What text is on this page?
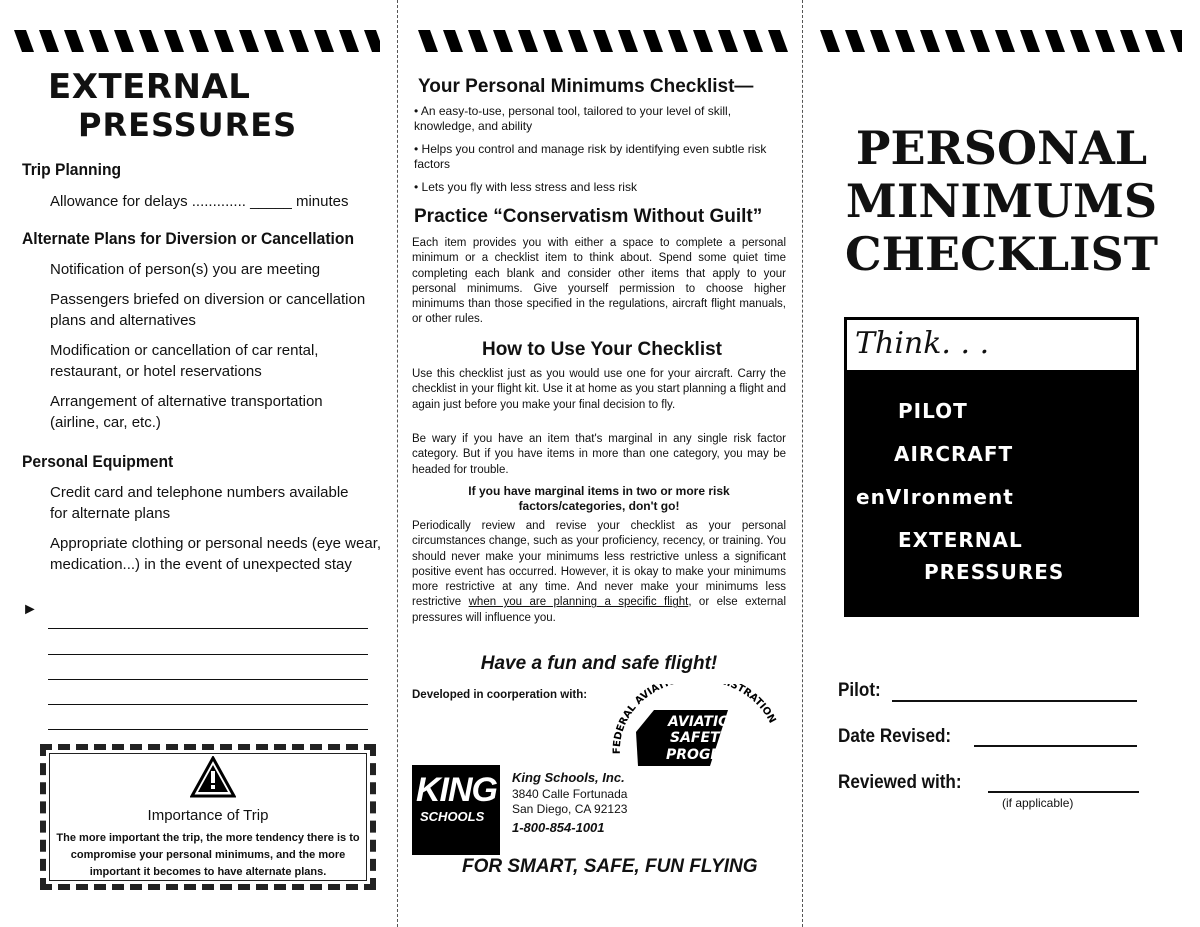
EXTERNAL
PRESSURES
Trip Planning
Allowance for delays ............. _____ minutes
Alternate Plans for Diversion or Cancellation
Notification of person(s) you are meeting
Passengers briefed on diversion or cancellation plans and alternatives
Modification or cancellation of car rental, restaurant, or hotel reservations
Arrangement of alternative transportation (airline, car, etc.)
Personal Equipment
Credit card and telephone numbers available for alternate plans
Appropriate clothing or personal needs (eye wear, medication...) in the event of unexpected stay
►
Importance of Trip
The more important the trip, the more tendency there is to compromise your personal minimums, and the more important it becomes to have alternate plans.
Your Personal Minimums Checklist—
• An easy-to-use, personal tool, tailored to your level of skill, knowledge, and ability
• Helps you control and manage risk by identifying even subtle risk factors
• Lets you fly with less stress and less risk
Practice “Conservatism Without Guilt”
Each item provides you with either a space to complete a personal minimum or a checklist item to think about. Spend some quiet time completing each blank and consider other items that apply to your personal minimums. Give yourself permission to choose higher minimums than those specified in the regulations, aircraft flight manuals, or other rules.
How to Use Your Checklist
Use this checklist just as you would use one for your aircraft. Carry the checklist in your flight kit. Use it at home as you start planning a flight and again just before you make your final decision to fly.
Be wary if you have an item that's marginal in any single risk factor category. But if you have items in more than one category, you may be headed for trouble.
If you have marginal items in two or more risk factors/categories, don't go!
Periodically review and revise your checklist as your personal circumstances change, such as your proficiency, recency, or training. You should never make your minimums less restrictive unless a significant positive event has occurred. However, it is okay to make your minimums more restrictive at any time. And never make your minimums less restrictive when you are planning a specific flight, or else external pressures will influence you.
Have a fun and safe flight!
Developed in coorperation with:
FEDERAL AVIAT STRATION
AVIATION
SAFETY
PROGRAM
KING
SCHOOLS
King Schools, Inc.
3840 Calle Fortunada
San Diego, CA 92123
1-800-854-1001
FOR SMART, SAFE, FUN FLYING
PERSONAL
MINIMUMS
CHECKLIST
Think. . .
PILOT
AIRCRAFT
enVIronment
EXTERNAL
PRESSURES
Pilot:
Date Revised:
Reviewed with:
(if applicable)
